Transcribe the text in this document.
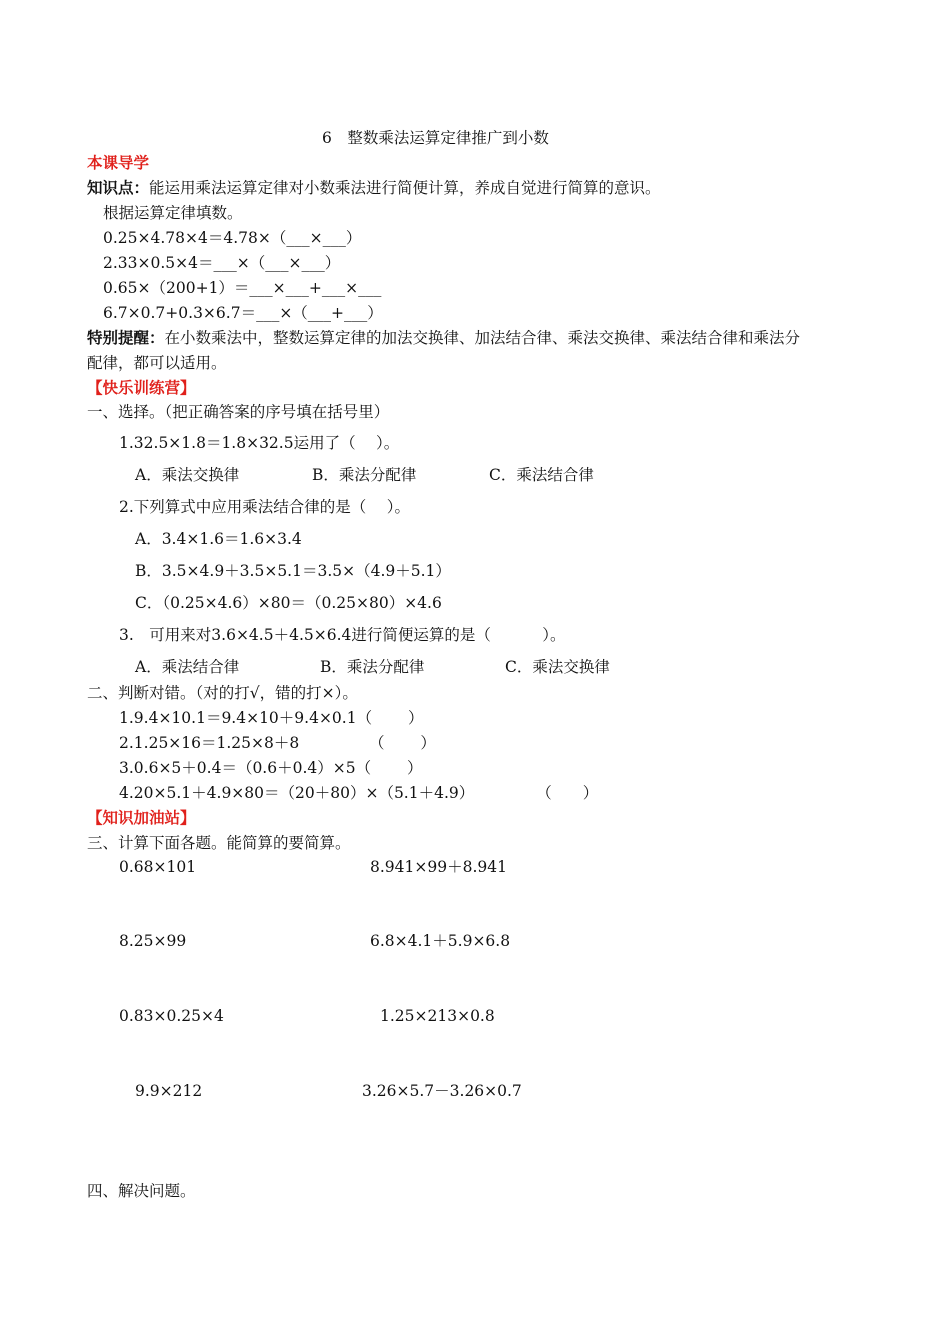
6　整数乘法运算定律推广到小数
本课导学
知识点：能运用乘法运算定律对小数乘法进行简便计算，养成自觉进行简算的意识。
根据运算定律填数。
0.25×4.78×4＝4.78×（___×___）
2.33×0.5×4＝___×（___×___）
0.65×（200+1）＝___×___+___×___
6.7×0.7+0.3×6.7＝___×（___+___）
特别提醒：在小数乘法中，整数运算定律的加法交换律、加法结合律、乘法交换律、乘法结合律和乘法分
配律，都可以适用。
【快乐训练营】
一、选择。（把正确答案的序号填在括号里）
1.32.5×1.8＝1.8×32.5运用了（　 ）。
A．乘法交换律	B．乘法分配律	C．乘法结合律
2.下列算式中应用乘法结合律的是（　 ）。
A．3.4×1.6＝1.6×3.4
B．3.5×4.9＋3.5×5.1＝3.5×（4.9＋5.1）
C．（0.25×4.6）×80＝（0.25×80）×4.6
3.　可用来对3.6×4.5＋4.5×6.4进行简便运算的是（　　　 ）。
A．乘法结合律	B．乘法分配律	C．乘法交换律
二、判断对错。（对的打√，错的打×）。
1.9.4×10.1＝9.4×10＋9.4×0.1（　　 ）
2.1.25×16＝1.25×8＋8　　　　　（　　 ）
3.0.6×5＋0.4＝（0.6＋0.4）×5（　　 ）
4.20×5.1＋4.9×80＝（20＋80）×（5.1＋4.9）　　　　　（　　）
【知识加油站】
三、计算下面各题。能简算的要简算。
0.68×101	8.941×99＋8.941
8.25×99	6.8×4.1＋5.9×6.8
0.83×0.25×4	1.25×213×0.8
9.9×212	3.26×5.7－3.26×0.7
四、解决问题。
